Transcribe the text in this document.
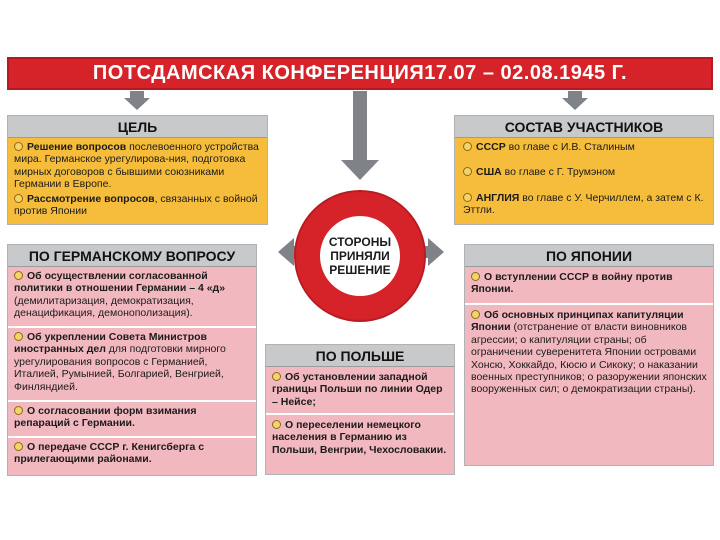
ПОТСДАМСКАЯ КОНФЕРЕНЦИЯ17.07 – 02.08.1945 Г.
ЦЕЛЬ
Решение вопросов послевоенного устройства мира. Германское урегулирова-ния, подготовка мирных договоров с бывшими союзниками Германии в Европе.
Рассмотрение вопросов, связанных с войной против Японии
СОСТАВ УЧАСТНИКОВ
СССР во главе с И.В. Сталиным
США во главе с Г. Трумэном
АНГЛИЯ во главе с У. Черчиллем, а затем с К. Эттли.
СТОРОНЫ
ПРИНЯЛИ
РЕШЕНИЕ
ПО ГЕРМАНСКОМУ ВОПРОСУ
Об осуществлении согласованной политики в отношении Германии – 4 «д» (демилитаризация, демократизация, денацификация, демонополизация).
Об укреплении Совета Министров иностранных дел для подготовки мирного урегулирования вопросов с Германией, Италией, Румынией, Болгарией, Венгрией, Финляндией.
О согласовании форм взимания репараций с Германии.
О передаче СССР г. Кенигсберга с прилегающими районами.
ПО ПОЛЬШЕ
Об установлении западной границы Польши по линии Одер – Нейсе;
О переселении немецкого населения в Германию из Польши, Венгрии, Чехословакии.
ПО ЯПОНИИ
О вступлении СССР в войну против Японии.
Об основных принципах капитуляции Японии (отстранение от власти виновников агрессии; о капитуляции страны; об ограничении суверенитета Японии островами Хонсю, Хоккайдо, Кюсю и Сикоку; о наказании военных преступников; о разоружении японских вооруженных сил; о демократизации страны).
